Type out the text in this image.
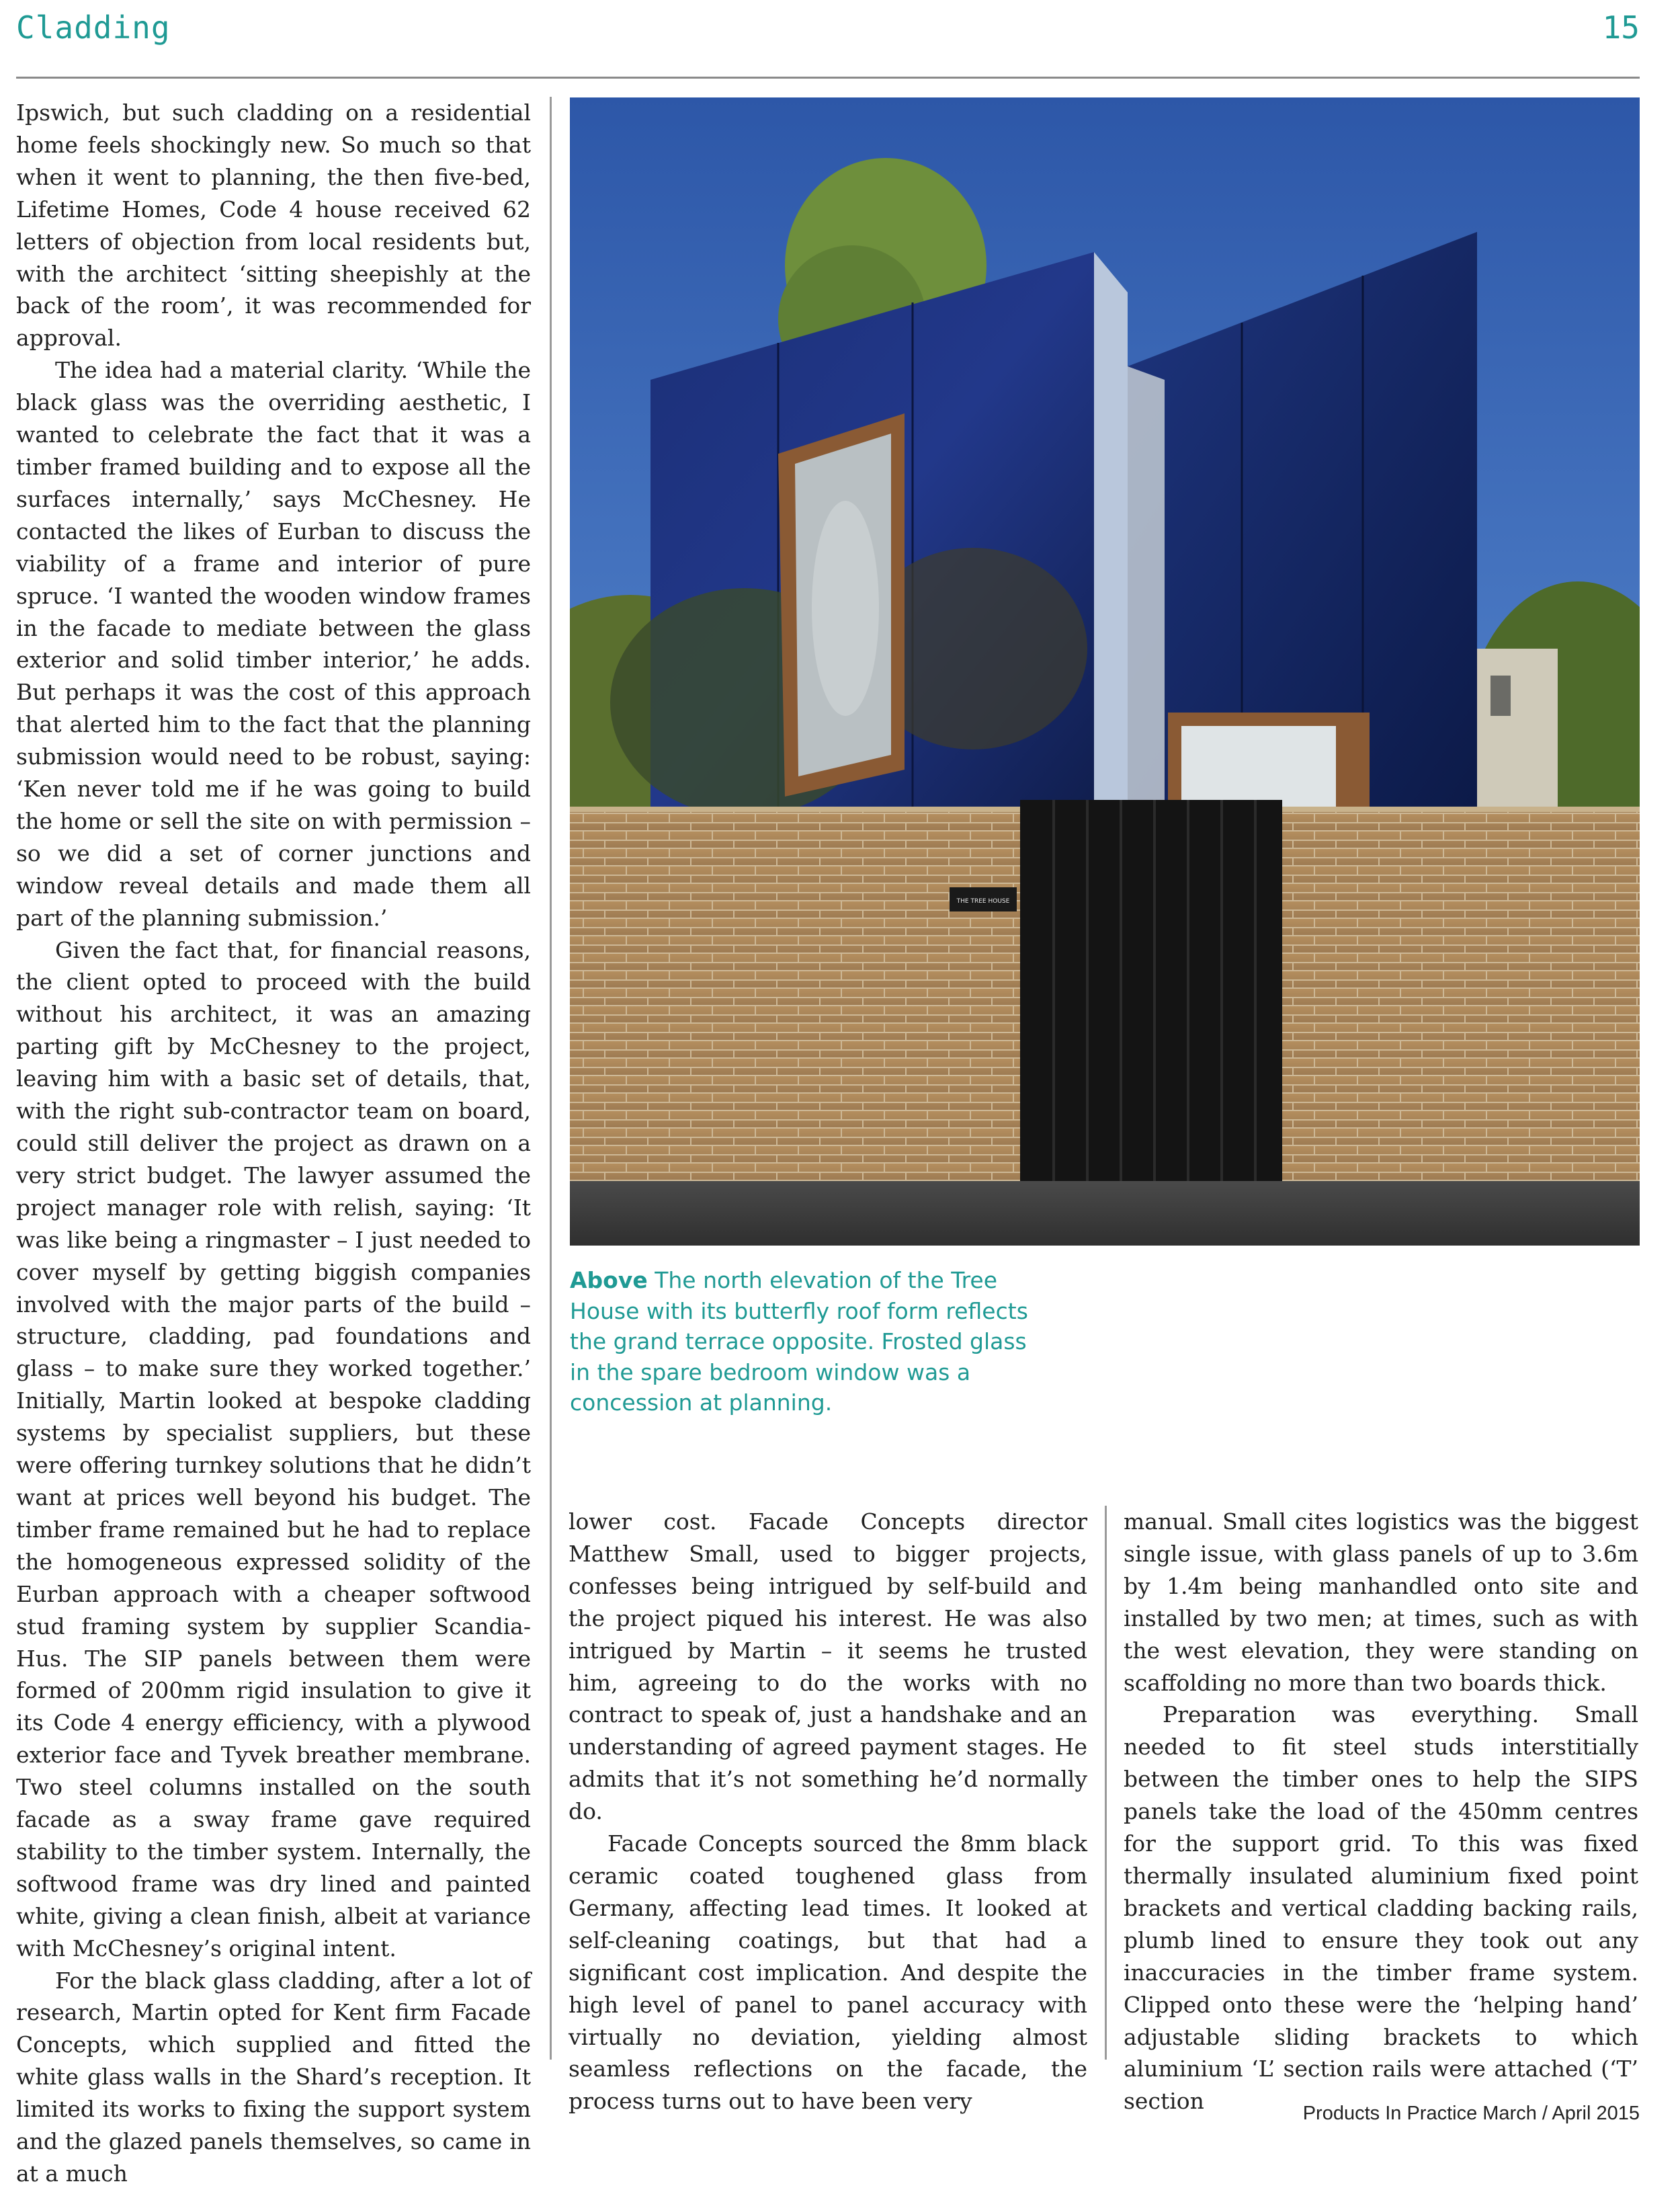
Cladding	15

Ipswich, but such cladding on a residential home feels shockingly new. So much so that when it went to planning, the then five-bed, Lifetime Homes, Code 4 house received 62 letters of objection from local residents but, with the architect ‘sitting sheepishly at the back of the room’, it was recommended for approval.

The idea had a material clarity. ‘While the black glass was the overriding aesthetic, I wanted to celebrate the fact that it was a timber framed building and to expose all the surfaces internally,’ says McChesney. He contacted the likes of Eurban to discuss the viability of a frame and interior of pure spruce. ‘I wanted the wooden window frames in the facade to mediate between the glass exterior and solid timber interior,’ he adds. But perhaps it was the cost of this approach that alerted him to the fact that the planning submission would need to be robust, saying: ‘Ken never told me if he was going to build the home or sell the site on with permission – so we did a set of corner junctions and window reveal details and made them all part of the planning submission.’

Given the fact that, for financial reasons, the client opted to proceed with the build without his architect, it was an amazing parting gift by McChesney to the project, leaving him with a basic set of details, that, with the right sub-contractor team on board, could still deliver the project as drawn on a very strict budget. The lawyer assumed the project manager role with relish, saying: ‘It was like being a ringmaster – I just needed to cover myself by getting biggish companies involved with the major parts of the build – structure, cladding, pad foundations and glass – to make sure they worked together.’ Initially, Martin looked at bespoke cladding systems by specialist suppliers, but these were offering turnkey solutions that he didn’t want at prices well beyond his budget. The timber frame remained but he had to replace the homogeneous expressed solidity of the Eurban approach with a cheaper softwood stud framing system by supplier Scandia-Hus. The SIP panels between them were formed of 200mm rigid insulation to give it its Code 4 energy efficiency, with a plywood exterior face and Tyvek breather membrane. Two steel columns installed on the south facade as a sway frame gave required stability to the timber system. Internally, the softwood frame was dry lined and painted white, giving a clean finish, albeit at variance with McChesney’s original intent.

For the black glass cladding, after a lot of research, Martin opted for Kent firm Facade Concepts, which supplied and fitted the white glass walls in the Shard’s reception. It limited its works to fixing the support system and the glazed panels themselves, so came in at a much

THE TREE HOUSE
Above The north elevation of the Tree House with its butterfly roof form reflects the grand terrace opposite. Frosted glass in the spare bedroom window was a concession at planning.

lower cost. Facade Concepts director Matthew Small, used to bigger projects, confesses being intrigued by self-build and the project piqued his interest. He was also intrigued by Martin – it seems he trusted him, agreeing to do the works with no contract to speak of, just a handshake and an understanding of agreed payment stages. He admits that it’s not something he’d normally do.

Facade Concepts sourced the 8mm black ceramic coated toughened glass from Germany, affecting lead times. It looked at self-cleaning coatings, but that had a significant cost implication. And despite the high level of panel to panel accuracy with virtually no deviation, yielding almost seamless reflections on the facade, the process turns out to have been very

manual. Small cites logistics was the biggest single issue, with glass panels of up to 3.6m by 1.4m being manhandled onto site and installed by two men; at times, such as with the west elevation, they were standing on scaffolding no more than two boards thick.

Preparation was everything. Small needed to fit steel studs interstitially between the timber ones to help the SIPS panels take the load of the 450mm centres for the support grid. To this was fixed thermally insulated aluminium fixed point brackets and vertical cladding backing rails, plumb lined to ensure they took out any inaccuracies in the timber frame system. Clipped onto these were the ‘helping hand’ adjustable sliding brackets to which aluminium ‘L’ section rails were attached (‘T’ section	Products In Practice March / April 2015
